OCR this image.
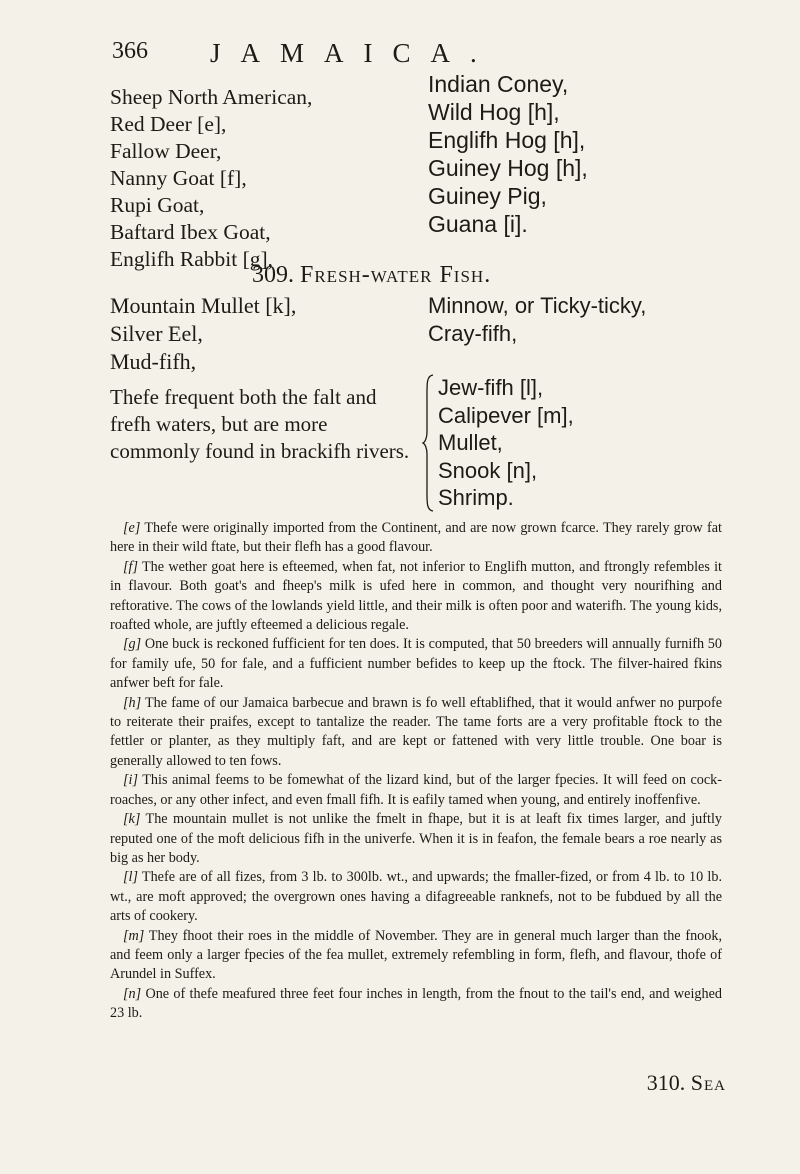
366 JAMAICA.
Sheep North American,
Red Deer [e],
Fallow Deer,
Nanny Goat [f],
Rupi Goat,
Baftard Ibex Goat,
Englifh Rabbit [g],
Indian Coney,
Wild Hog [h],
Englifh Hog [h],
Guiney Hog [h],
Guiney Pig,
Guana [i].
309. Fresh-water Fish.
Mountain Mullet [k],
Silver Eel,
Mud-fifh,
Minnow, or Ticky-ticky,
Cray-fifh,
Thefe frequent both the falt and frefh waters, but are more commonly found in brackifh rivers.
Jew-fifh [l],
Calipever [m],
Mullet,
Snook [n],
Shrimp.

[e] Thefe were originally imported from the Continent, and are now grown fcarce. They rarely grow fat here in their wild ftate, but their flefh has a good flavour.

[f] The wether goat here is efteemed, when fat, not inferior to Englifh mutton, and ftrongly refembles it in flavour. Both goat's and fheep's milk is ufed here in common, and thought very nourifhing and reftorative. The cows of the lowlands yield little, and their milk is often poor and waterifh. The young kids, roafted whole, are juftly efteemed a delicious regale.

[g] One buck is reckoned fufficient for ten does. It is computed, that 50 breeders will annually furnifh 50 for family ufe, 50 for fale, and a fufficient number befides to keep up the ftock. The filver-haired fkins anfwer beft for fale.

[h] The fame of our Jamaica barbecue and brawn is fo well eftablifhed, that it would anfwer no purpofe to reiterate their praifes, except to tantalize the reader. The tame forts are a very profitable ftock to the fettler or planter, as they multiply faft, and are kept or fattened with very little trouble. One boar is generally allowed to ten fows.

[i] This animal feems to be fomewhat of the lizard kind, but of the larger fpecies. It will feed on cock-roaches, or any other infect, and even fmall fifh. It is eafily tamed when young, and entirely inoffenfive.

[k] The mountain mullet is not unlike the fmelt in fhape, but it is at leaft fix times larger, and juftly reputed one of the moft delicious fifh in the univerfe. When it is in feafon, the female bears a roe nearly as big as her body.

[l] Thefe are of all fizes, from 3 lb. to 300lb. wt., and upwards; the fmaller-fized, or from 4 lb. to 10 lb. wt., are moft approved; the overgrown ones having a difagreeable ranknefs, not to be fubdued by all the arts of cookery.

[m] They fhoot their roes in the middle of November. They are in general much larger than the fnook, and feem only a larger fpecies of the fea mullet, extremely refembling in form, flefh, and flavour, thofe of Arundel in Suffex.

[n] One of thefe meafured three feet four inches in length, from the fnout to the tail's end, and weighed 23 lb.

310. Sea
